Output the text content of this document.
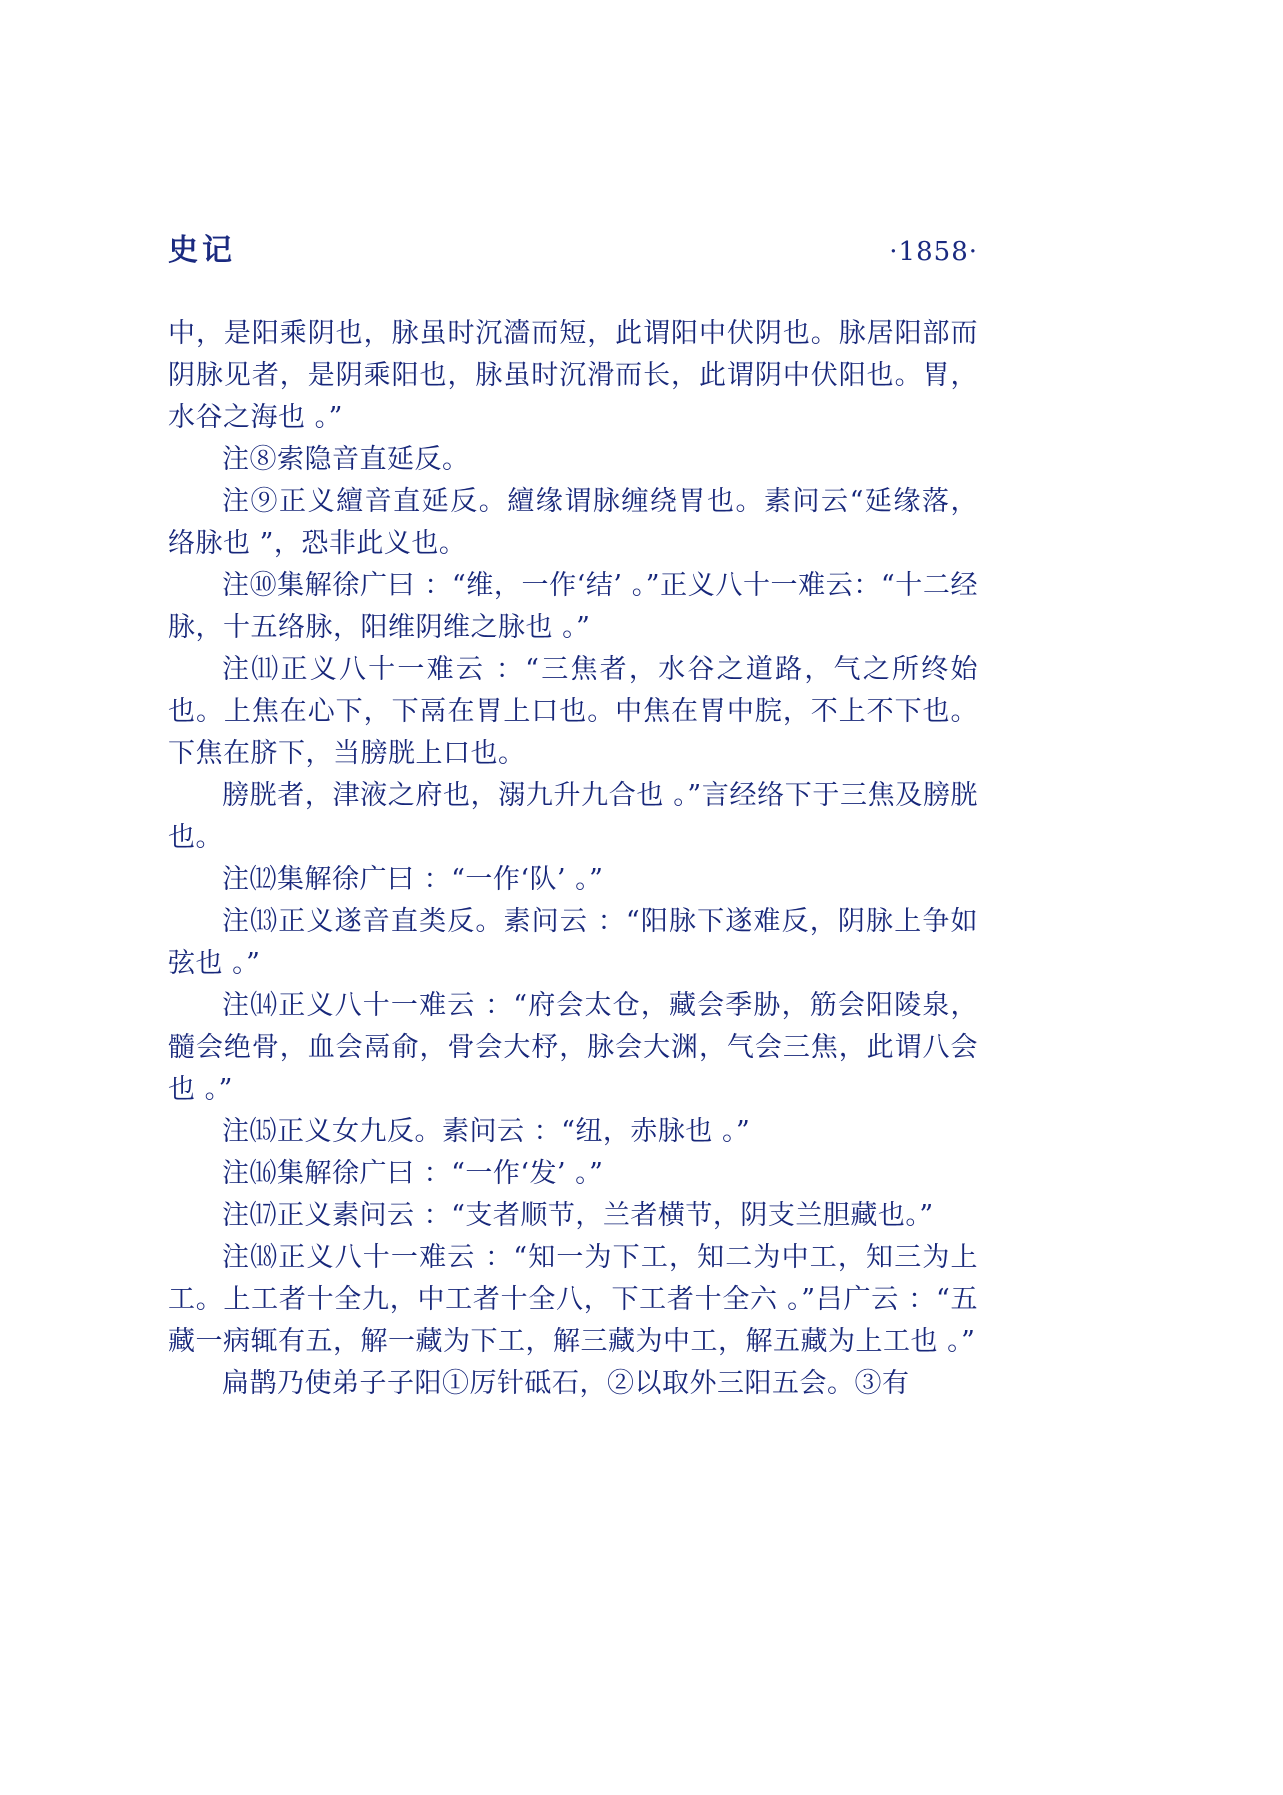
史记	·1858·

中，是阳乘阴也，脉虽时沉濇而短，此谓阳中伏阴也。脉居阳部而阴脉见者，是阴乘阳也，脉虽时沉滑而长，此谓阴中伏阳也。胃，水谷之海也 。”

注⑧索隐音直延反。

注⑨正义繵音直延反。繵缘谓脉缠绕胃也。素问云“延缘落，络脉也 ”，恐非此义也。

注⑩集解徐广曰 ：“维，一作‘结’ 。”正义八十一难云：“十二经脉，十五络脉，阳维阴维之脉也 。”

注⑾正义八十一难云 ：“三焦者，水谷之道路，气之所终始也。上焦在心下，下鬲在胃上口也。中焦在胃中脘，不上不下也。下焦在脐下，当膀胱上口也。

膀胱者，津液之府也，溺九升九合也 。”言经络下于三焦及膀胱也。

注⑿集解徐广曰 ：“一作‘队’ 。”

注⒀正义遂音直类反。素问云 ：“阳脉下遂难反，阴脉上争如弦也 。”

注⒁正义八十一难云 ：“府会太仓，藏会季胁，筋会阳陵泉，髓会绝骨，血会鬲俞，骨会大杼，脉会大渊，气会三焦，此谓八会也 。”

注⒂正义女九反。素问云 ：“纽，赤脉也 。”

注⒃集解徐广曰 ：“一作‘发’ 。”

注⒄正义素问云 ：“支者顺节，兰者横节，阴支兰胆藏也。”

注⒅正义八十一难云 ：“知一为下工，知二为中工，知三为上工。上工者十全九，中工者十全八，下工者十全六 。”吕广云 ：“五藏一病辄有五，解一藏为下工，解三藏为中工，解五藏为上工也 。”

扁鹊乃使弟子子阳①厉针砥石，②以取外三阳五会。③有
